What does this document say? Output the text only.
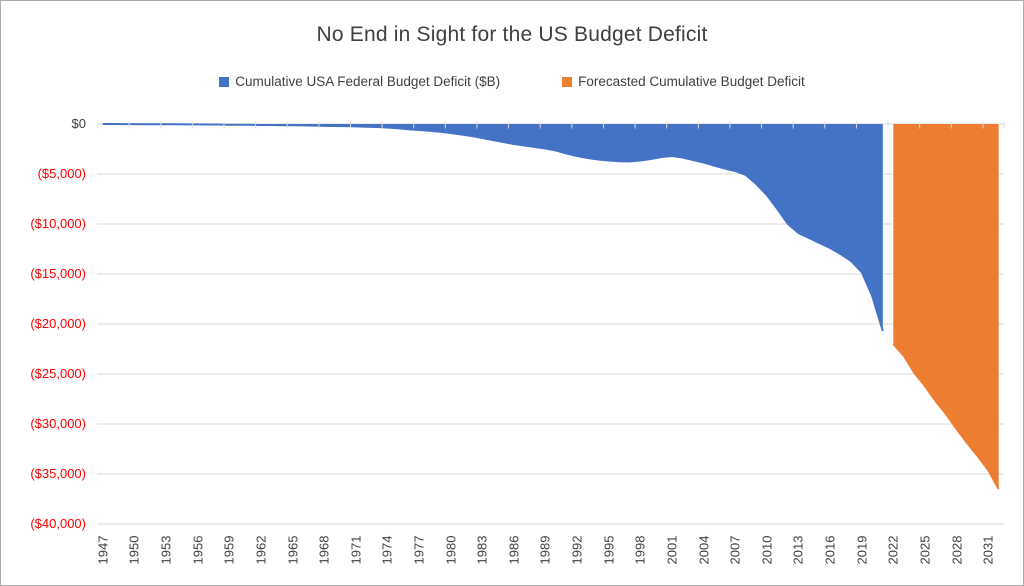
No End in Sight for the US Budget Deficit
Cumulative USA Federal Budget Deficit ($B)	Forecasted Cumulative Budget Deficit
$0
($5,000)
($10,000)
($15,000)
($20,000)
($25,000)
($30,000)
($35,000)
($40,000)
1947 1950 1953 1956 1959 1962 1965 1968 1971 1974 1977 1980 1983 1986 1989 1992 1995 1998 2001 2004 2007 2010 2013 2016 2019 2022 2025 2028 2031
